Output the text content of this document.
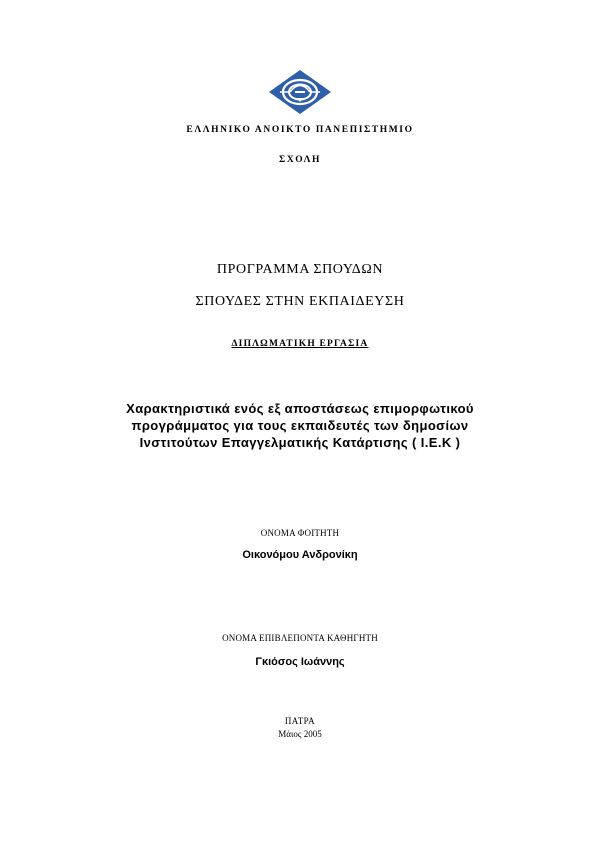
ΕΛΛΗΝΙΚΟ ΑΝΟΙΚΤΟ ΠΑΝΕΠΙΣΤΗΜΙΟ
ΣΧΟΛΗ
ΠΡΟΓΡΑΜΜΑ ΣΠΟΥΔΩΝ
ΣΠΟΥΔΕΣ ΣΤΗΝ ΕΚΠΑΙΔΕΥΣΗ
ΔΙΠΛΩΜΑΤΙΚΗ ΕΡΓΑΣΙΑ
Χαρακτηριστικά ενός εξ αποστάσεως επιμορφωτικού
προγράμματος για τους εκπαιδευτές των δημοσίων
Ινστιτούτων Επαγγελματικής Κατάρτισης ( Ι.Ε.Κ )
ΟΝΟΜΑ ΦΟΙΤΗΤΗ
Οικονόμου Ανδρονίκη
ΟΝΟΜΑ ΕΠΙΒΛΕΠΟΝΤΑ ΚΑΘΗΓΗΤΗ
Γκιόσος Ιωάννης
ΠΑΤΡΑ
Μάιος 2005
